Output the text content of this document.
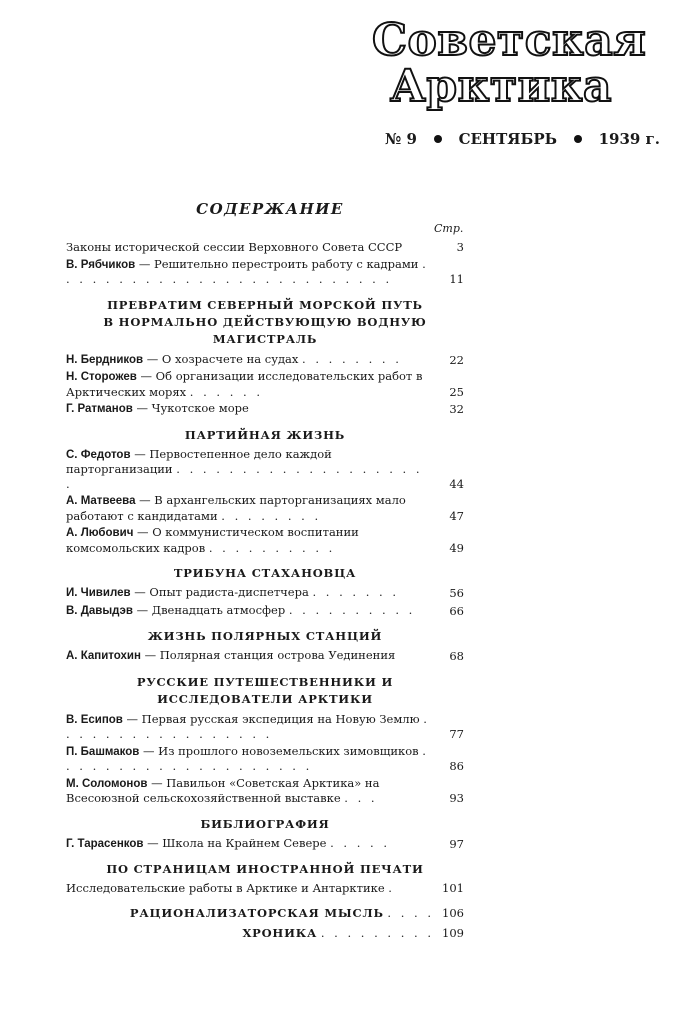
Советская
Арктика
№ 9	СЕНТЯБРЬ	1939 г.
СОДЕРЖАНИЕ
Стр.
Законы исторической сессии Верховного Совета СССР	3
В. Рябчиков — Решительно перестроить работу с кадрами . . . . . . . . . . . . . . . . . . . . . . . . . .	11
ПРЕВРАТИМ СЕВЕРНЫЙ МОРСКОЙ ПУТЬ
В НОРМАЛЬНО ДЕЙСТВУЮЩУЮ ВОДНУЮ
МАГИСТРАЛЬ
Н. Бердников — О хозрасчете на судах . . . . . . . .	22
Н. Сторожев — Об организации исследовательских работ в Арктических морях . . . . . .	25
Г. Ратманов — Чукотское море	32
ПАРТИЙНАЯ ЖИЗНЬ
С. Федотов — Первостепенное дело каждой парторганизации . . . . . . . . . . . . . . . . . . . .	44
А. Матвеева — В архангельских парторганизациях мало работают с кандидатами . . . . . . . .	47
А. Любович — О коммунистическом воспитании комсомольских кадров . . . . . . . . . .	49
ТРИБУНА СТАХАНОВЦА
И. Чивилев — Опыт радиста-диспетчера . . . . . . .	56
В. Давыдэв — Двенадцать атмосфер . . . . . . . . . .	66
ЖИЗНЬ ПОЛЯРНЫХ СТАНЦИЙ
А. Капитохин — Полярная станция острова Уединения	68
РУССКИЕ ПУТЕШЕСТВЕННИКИ И
ИССЛЕДОВАТЕЛИ АРКТИКИ
В. Есипов — Первая русская экспедиция на Новую Землю . . . . . . . . . . . . . . . . .	77
П. Башмаков — Из прошлого новоземельских зимовщиков . . . . . . . . . . . . . . . . . . . .	86
М. Соломонов — Павильон «Советская Арктика» на Всесоюзной сельскохозяйственной выставке . . .	93
БИБЛИОГРАФИЯ
Г. Тарасенков — Школа на Крайнем Севере . . . . .	97
ПО СТРАНИЦАМ ИНОСТРАННОЙ ПЕЧАТИ
Исследовательские работы в Арктике и Антарктике .	101
РАЦИОНАЛИЗАТОРСКАЯ МЫСЛЬ . . . . 106
ХРОНИКА . . . . . . . . . 109
